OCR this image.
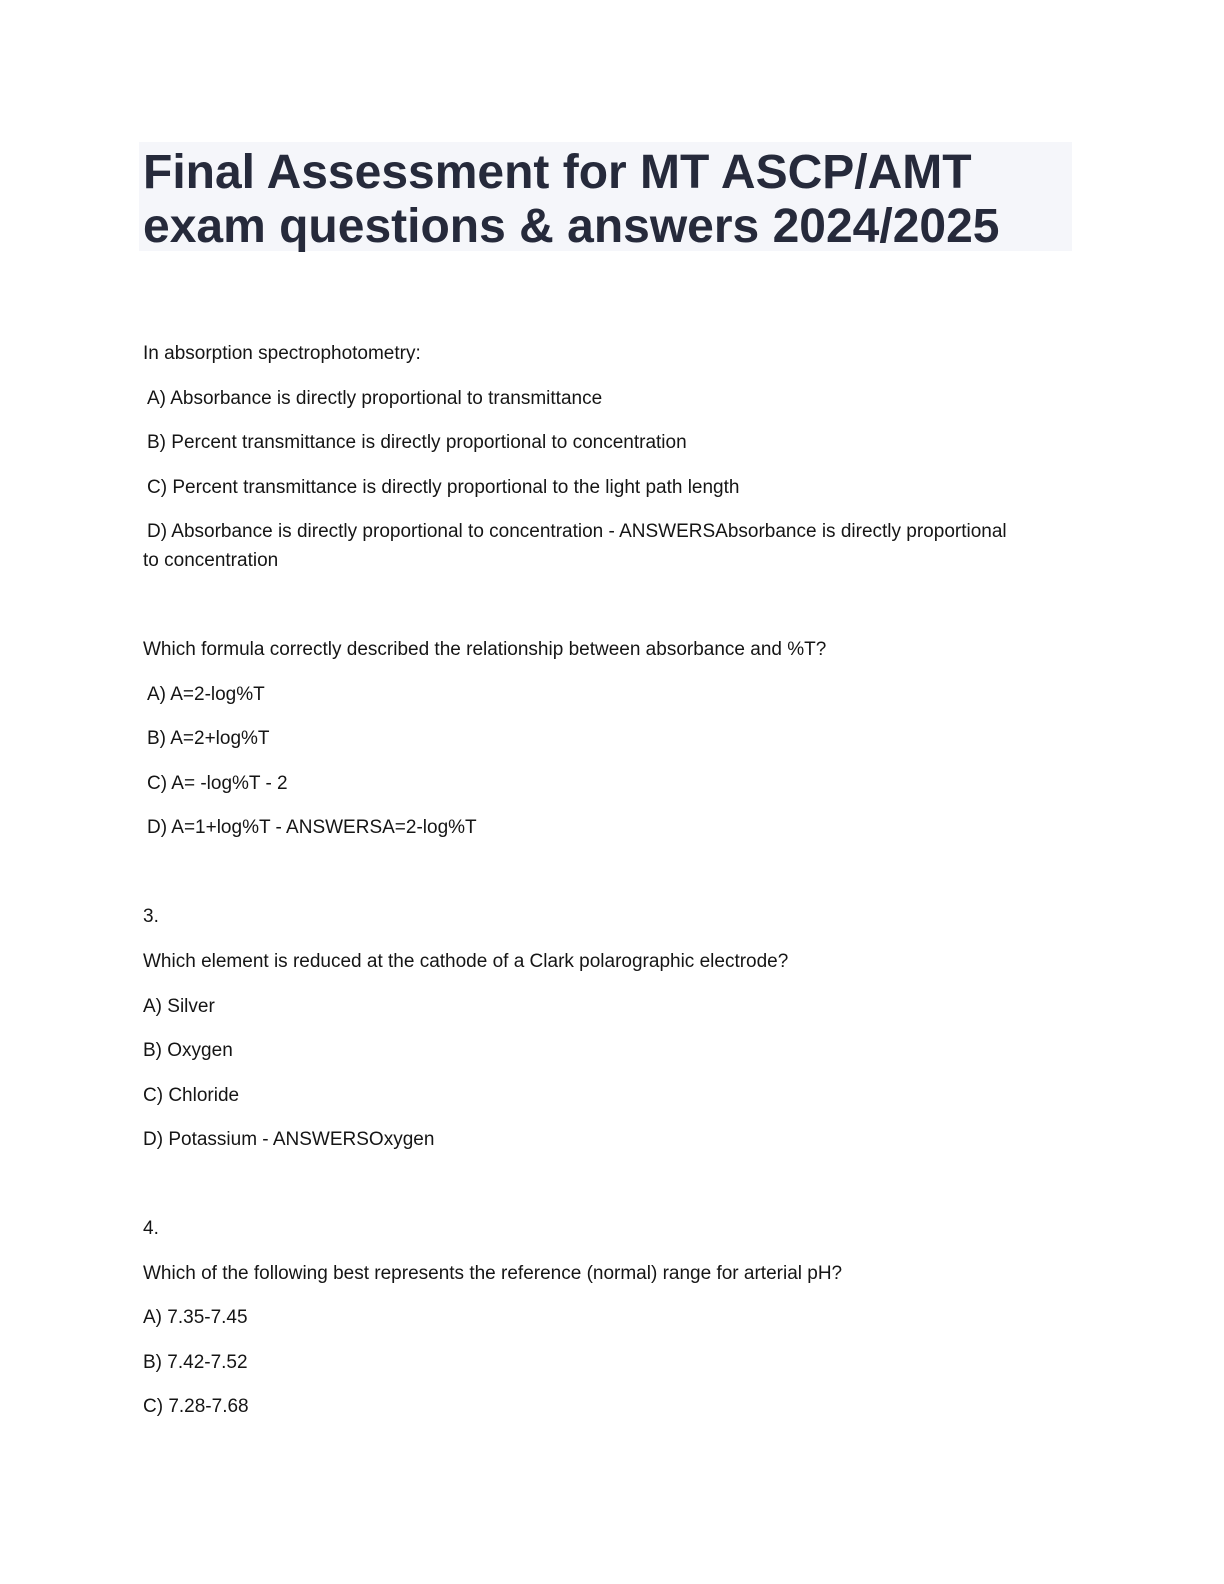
Final Assessment for MT ASCP/AMT
exam questions & answers 2024/2025
In absorption spectrophotometry:
A) Absorbance is directly proportional to transmittance
B) Percent transmittance is directly proportional to concentration
C) Percent transmittance is directly proportional to the light path length
D) Absorbance is directly proportional to concentration - ANSWERSAbsorbance is directly proportional
to concentration
Which formula correctly described the relationship between absorbance and %T?
A) A=2-log%T
B) A=2+log%T
C) A= -log%T - 2
D) A=1+log%T - ANSWERSA=2-log%T
3.
Which element is reduced at the cathode of a Clark polarographic electrode?
A) Silver
B) Oxygen
C) Chloride
D) Potassium - ANSWERSOxygen
4.
Which of the following best represents the reference (normal) range for arterial pH?
A) 7.35-7.45
B) 7.42-7.52
C) 7.28-7.68
